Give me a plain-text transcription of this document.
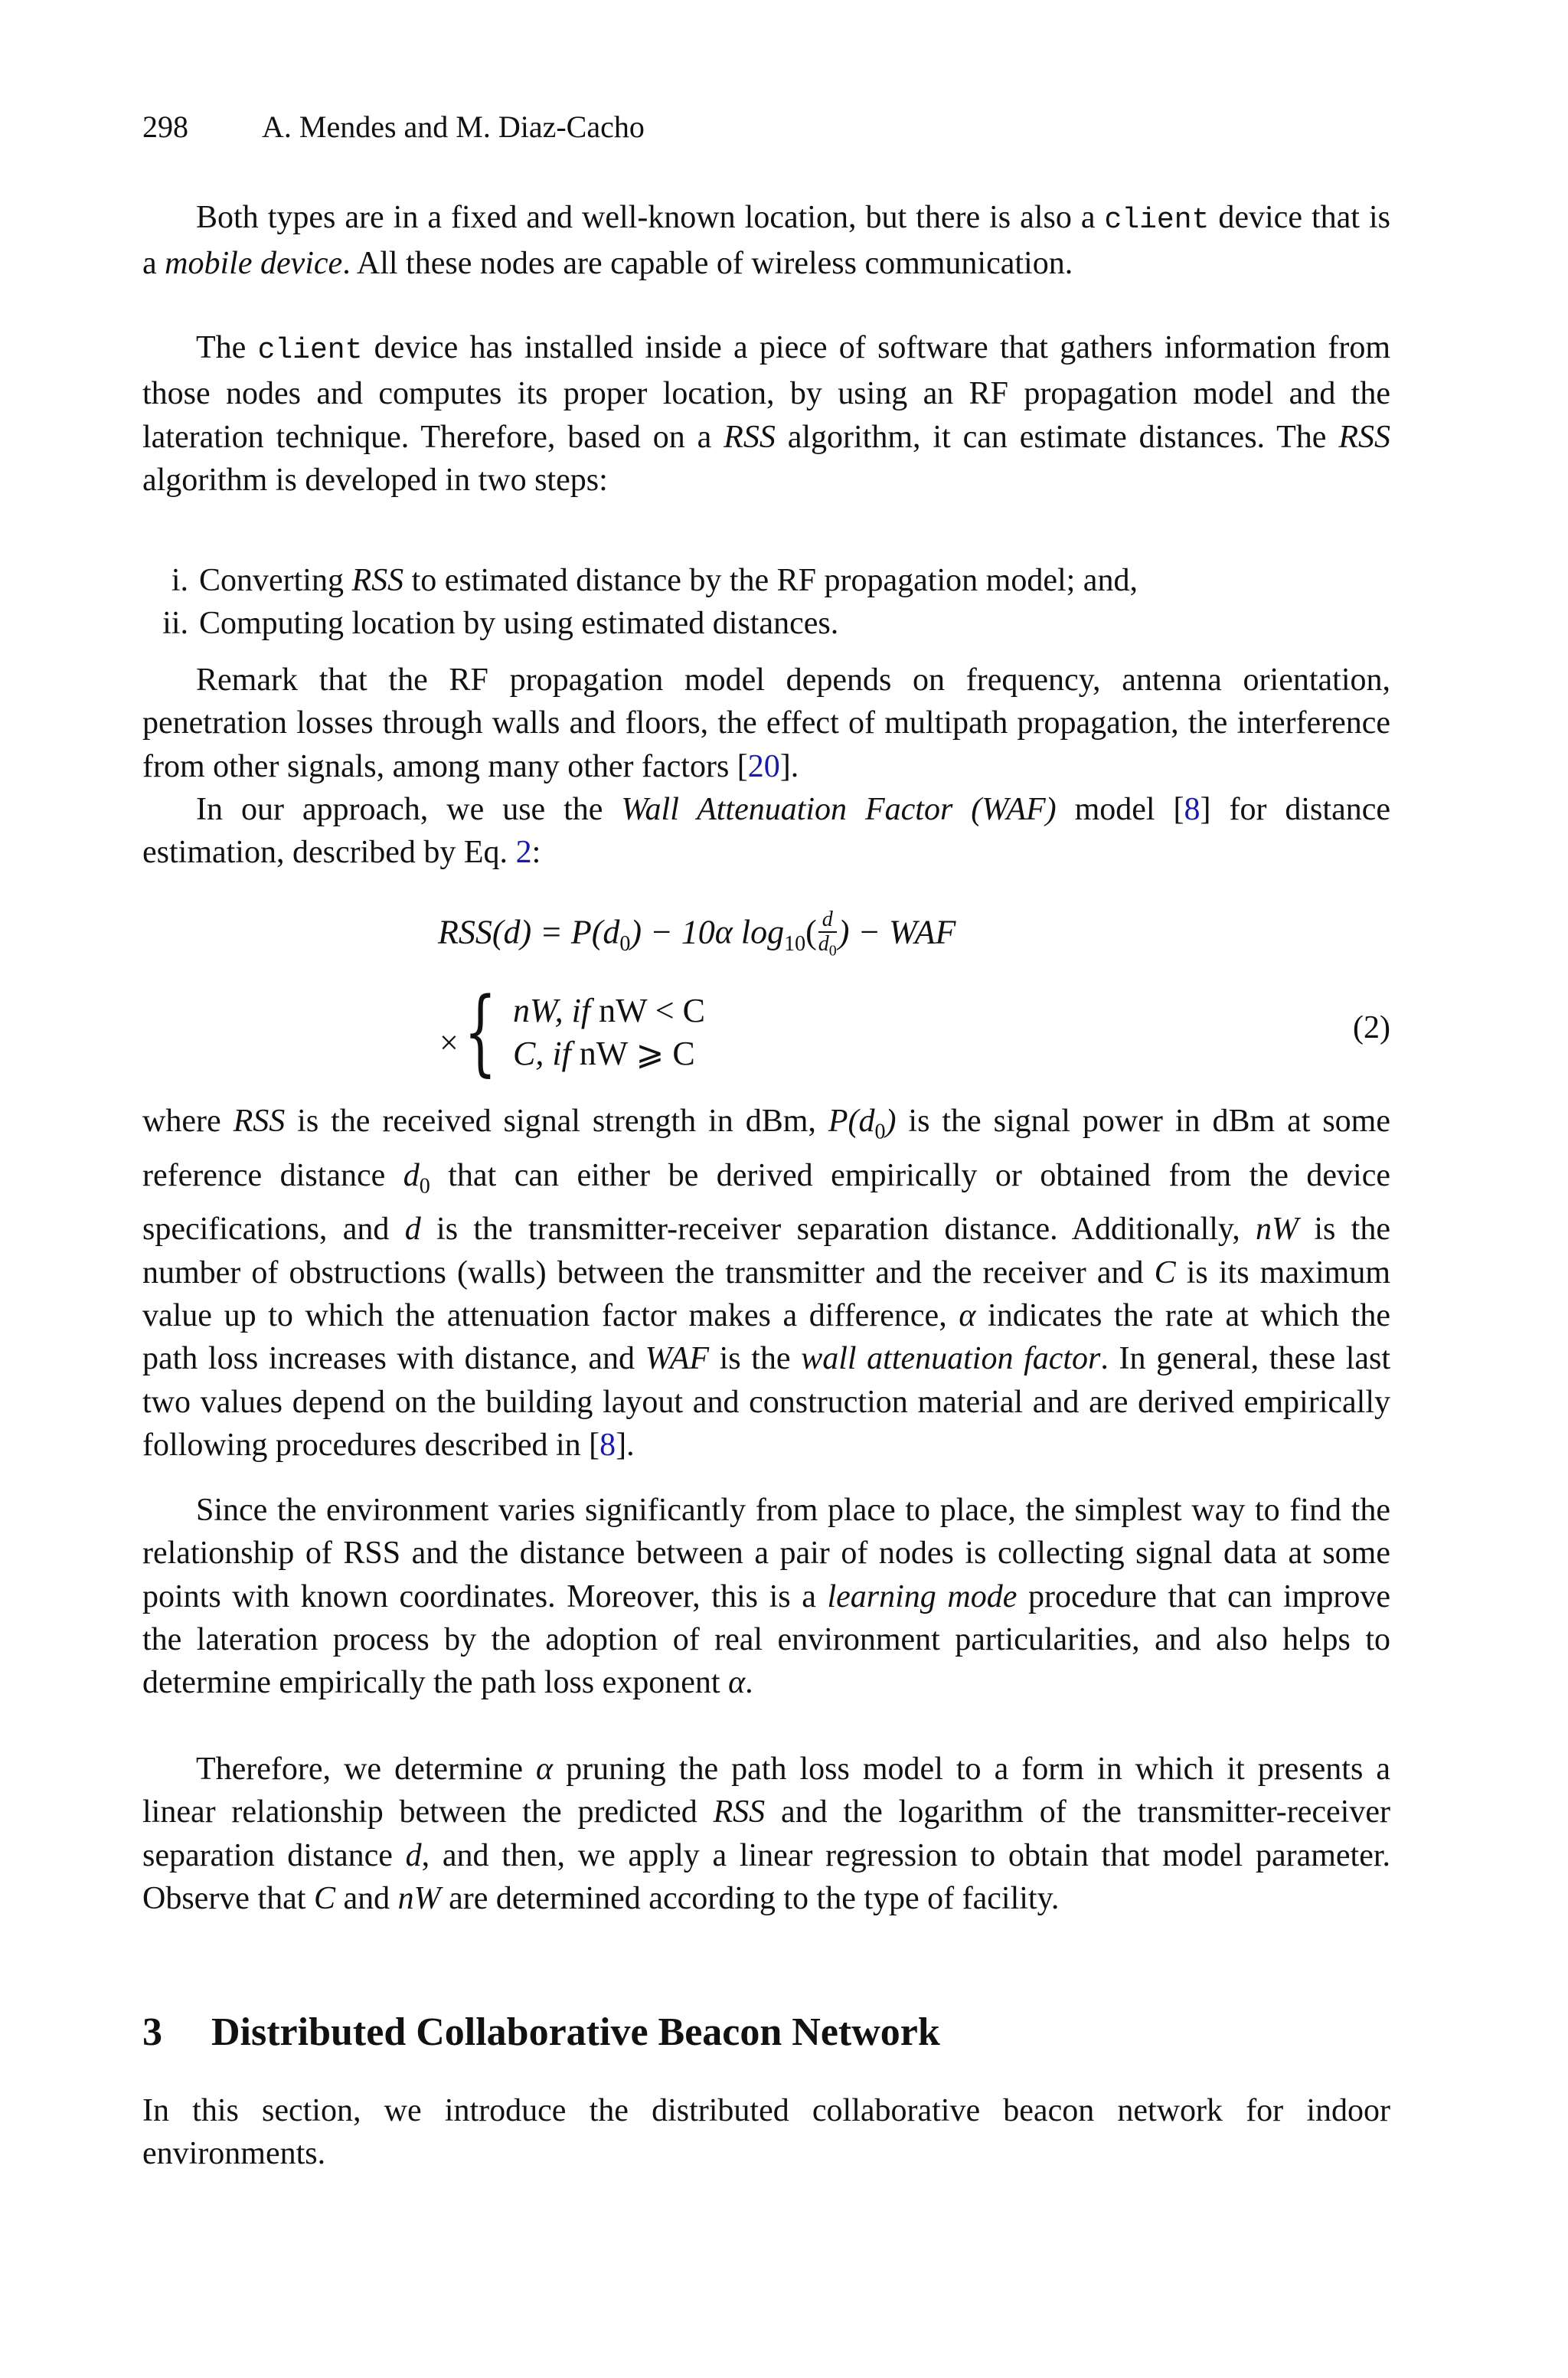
298 A. Mendes and M. Diaz-Cacho

Both types are in a fixed and well-known location, but there is also a client device that is a mobile device. All these nodes are capable of wireless communication.

The client device has installed inside a piece of software that gathers information from those nodes and computes its proper location, by using an RF propagation model and the lateration technique. Therefore, based on a RSS algorithm, it can estimate distances. The RSS algorithm is developed in two steps:

i. Converting RSS to estimated distance by the RF propagation model; and,
ii. Computing location by using estimated distances.

Remark that the RF propagation model depends on frequency, antenna orientation, penetration losses through walls and floors, the effect of multipath propagation, the interference from other signals, among many other factors [20].

In our approach, we use the Wall Attenuation Factor (WAF) model [8] for distance estimation, described by Eq. 2:

$RSS(d) = P(d_0) - 10\alpha$ $\log_{10}( \frac{d}{d_0}$ ) − WAF
× { nW, if nW < C
C, if nW ⩾ C
(2)

where RSS is the received signal strength in dBm, $P(d_0)$ is the signal power in dBm at some reference distance $d_0$ that can either be derived empirically or obtained from the device specifications, and d is the transmitter-receiver separation distance. Additionally, nW is the number of obstructions (walls) between the transmitter and the receiver and C is its maximum value up to which the attenuation factor makes a difference, α indicates the rate at which the path loss increases with distance, and WAF is the wall attenuation factor. In general, these last two values depend on the building layout and construction material and are derived empirically following procedures described in [8].

Since the environment varies significantly from place to place, the simplest way to find the relationship of RSS and the distance between a pair of nodes is collecting signal data at some points with known coordinates. Moreover, this is a learning mode procedure that can improve the lateration process by the adoption of real environment particularities, and also helps to determine empirically the path loss exponent α.

Therefore, we determine α pruning the path loss model to a form in which it presents a linear relationship between the predicted RSS and the logarithm of the transmitter-receiver separation distance d, and then, we apply a linear regression to obtain that model parameter. Observe that C and nW are determined according to the type of facility.

3 Distributed Collaborative Beacon Network

In this section, we introduce the distributed collaborative beacon network for indoor environments.
